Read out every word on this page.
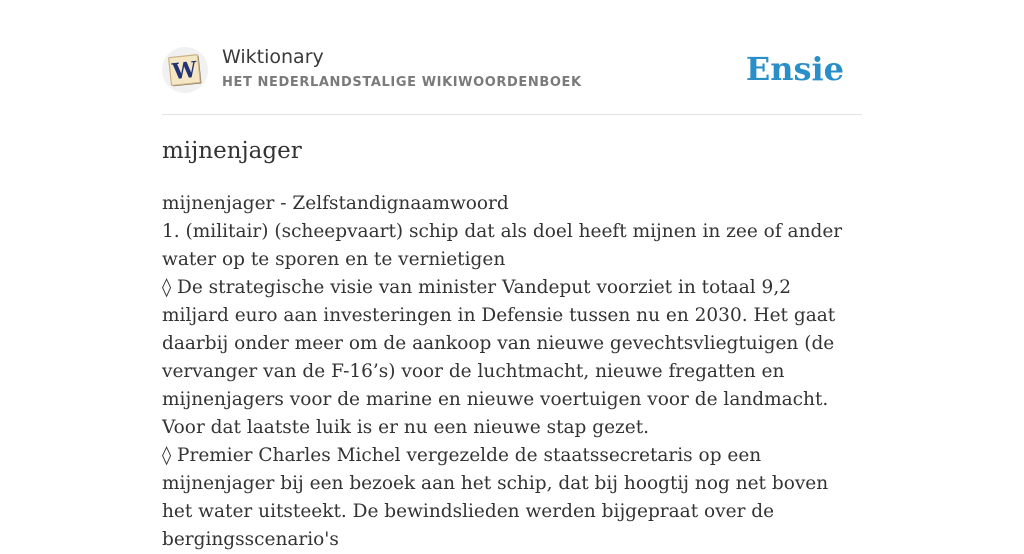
W Wiktionary
HET NEDERLANDSTALIGE WIKIWOORDENBOEK	Ensie
mijnenjager

mijnenjager - Zelfstandignaamwoord

1. (militair) (scheepvaart) schip dat als doel heeft mijnen in zee of ander water op te sporen en te vernietigen

◊ De strategische visie van minister Vandeput voorziet in totaal 9,2 miljard euro aan investeringen in Defensie tussen nu en 2030. Het gaat daarbij onder meer om de aankoop van nieuwe gevechtsvliegtuigen (de vervanger van de F-16’s) voor de luchtmacht, nieuwe fregatten en mijnenjagers voor de marine en nieuwe voertuigen voor de landmacht. Voor dat laatste luik is er nu een nieuwe stap gezet.

◊ Premier Charles Michel vergezelde de staatssecretaris op een mijnenjager bij een bezoek aan het schip, dat bij hoogtij nog net boven het water uitsteekt. De bewindslieden werden bijgepraat over de bergingsscenario's
